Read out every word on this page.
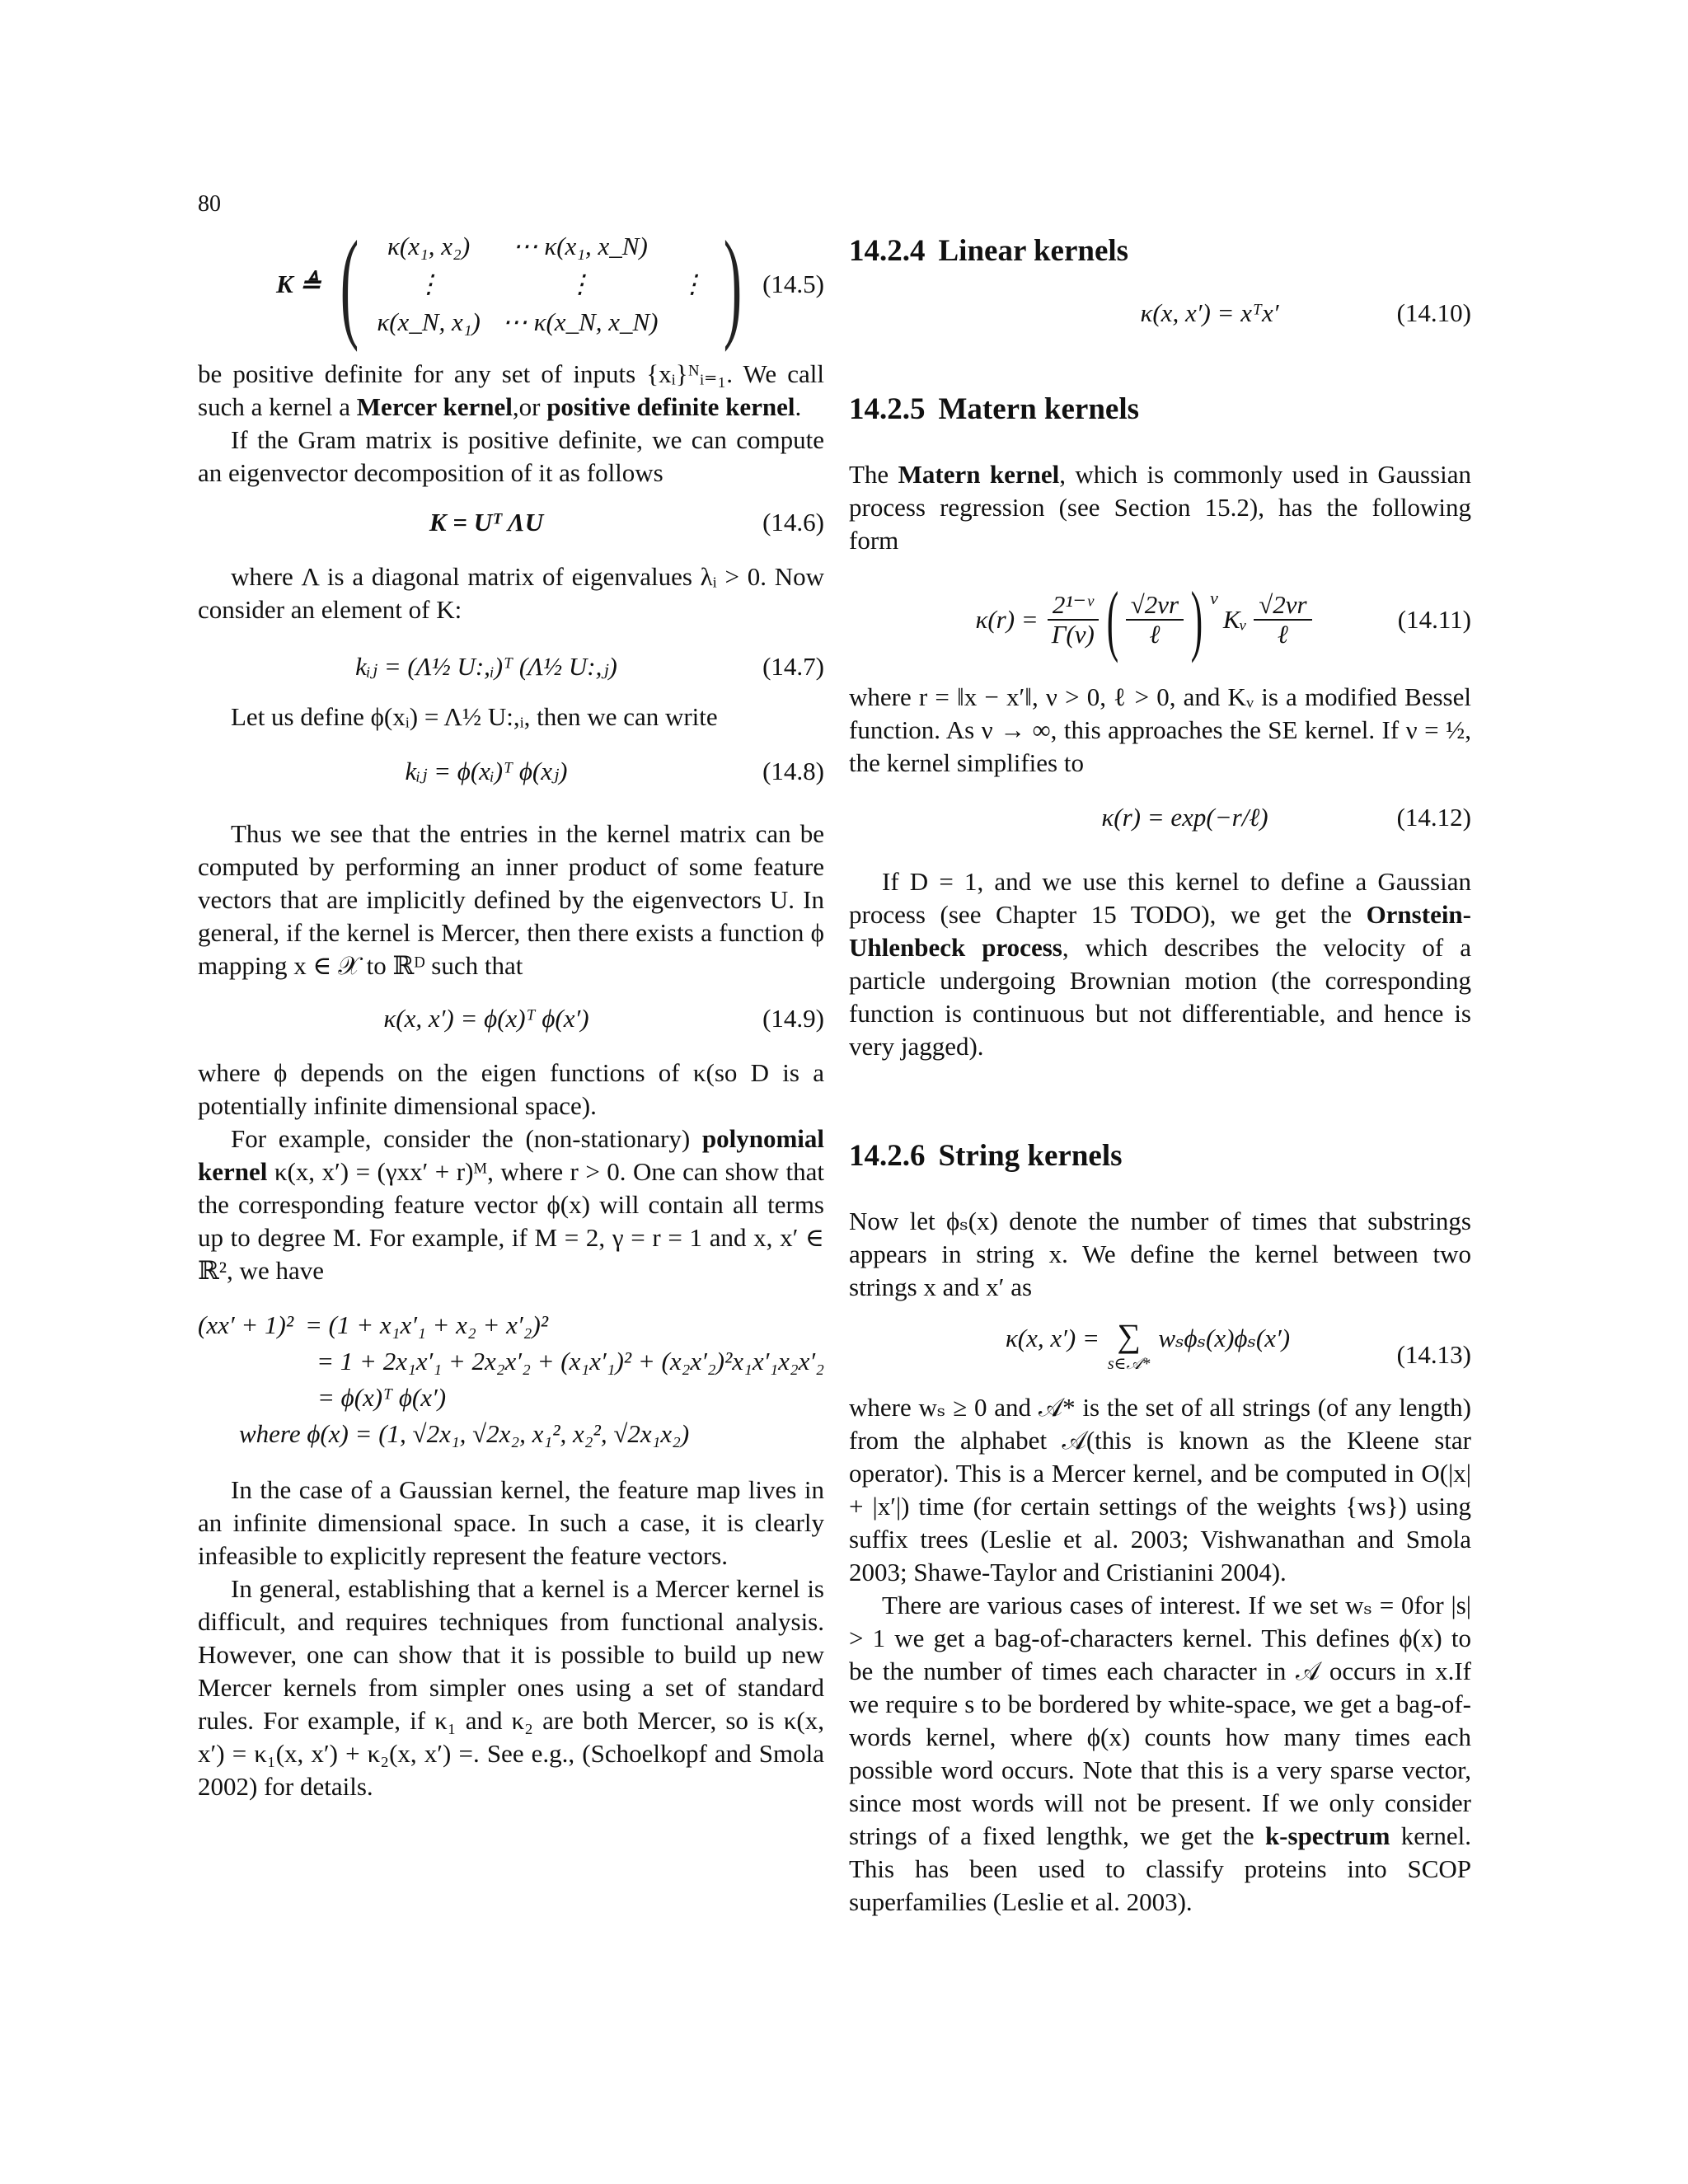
80
K ≜ (	κ(x₁, x₂)	⋯ κ(x₁, x_N)
⋮	⋮	⋮
κ(x_N, x₁) ⋯ κ(x_N, x_N) ) (14.5)

be positive definite for any set of inputs {xᵢ}ᴺᵢ₌₁. We call such a kernel a Mercer kernel,or positive definite kernel.

If the Gram matrix is positive definite, we can compute an eigenvector decomposition of it as follows

K = Uᵀ ΛU	(14.6)

where Λ is a diagonal matrix of eigenvalues λᵢ > 0. Now consider an element of K:

kᵢⱼ = (Λ½ U:,ᵢ)ᵀ (Λ½ U:,ⱼ)	(14.7)

Let us define ϕ(xᵢ) = Λ½ U:,ᵢ, then we can write

kᵢⱼ = ϕ(xᵢ)ᵀ ϕ(xⱼ)	(14.8)

Thus we see that the entries in the kernel matrix can be computed by performing an inner product of some feature vectors that are implicitly defined by the eigenvectors U. In general, if the kernel is Mercer, then there exists a function ϕ mapping x ∈ 𝒳 to ℝᴰ such that

κ(x, x′) = ϕ(x)ᵀ ϕ(x′)	(14.9)

where ϕ depends on the eigen functions of κ(so D is a potentially infinite dimensional space).

For example, consider the (non-stationary) polynomial kernel κ(x, x′) = (γxx′ + r)ᴹ, where r > 0. One can show that the corresponding feature vector ϕ(x) will contain all terms up to degree M. For example, if M = 2, γ = r = 1 and x, x′ ∈ ℝ², we have

(xx′ + 1)² = (1 + x₁x′₁ + x₂ + x′₂)²
= 1 + 2x₁x′₁ + 2x₂x′₂ + (x₁x′₁)² + (x₂x′₂)²x₁x′₁x₂x′₂
= ϕ(x)ᵀ ϕ(x′)
where ϕ(x) = (1, √2x₁, √2x₂, x₁², x₂², √2x₁x₂)

In the case of a Gaussian kernel, the feature map lives in an infinite dimensional space. In such a case, it is clearly infeasible to explicitly represent the feature vectors.

In general, establishing that a kernel is a Mercer kernel is difficult, and requires techniques from functional analysis. However, one can show that it is possible to build up new Mercer kernels from simpler ones using a set of standard rules. For example, if κ₁ and κ₂ are both Mercer, so is κ(x, x′) = κ₁(x, x′) + κ₂(x, x′) =. See e.g., (Schoelkopf and Smola 2002) for details.

14.2.4 Linear kernels
κ(x, x′) = xᵀx′	(14.10)
14.2.5 Matern kernels

The Matern kernel, which is commonly used in Gaussian process regression (see Section 15.2), has the following form

$\kappa(r) = \frac{\text{2¹⁻ᵛ}}{\Gamma(\nu)}$ ( $\frac{√2\nu r}{\text{ℓ}}$ ) ν
Kᵥ $\frac{√2\nu r}{\text{ℓ}}$	(14.11)

where r = ‖x − x′‖, ν > 0, ℓ > 0, and Kᵥ is a modified Bessel function. As ν → ∞, this approaches the SE kernel. If ν = ½, the kernel simplifies to

κ(r) = exp(−r/ℓ)	(14.12)

If D = 1, and we use this kernel to define a Gaussian process (see Chapter 15 TODO), we get the Ornstein-Uhlenbeck process, which describes the velocity of a particle undergoing Brownian motion (the corresponding function is continuous but not differentiable, and hence is very jagged).

14.2.6 String kernels

Now let ϕₛ(x) denote the number of times that substrings appears in string x. We define the kernel between two strings x and x′ as

κ(x, x′) = ∑
s∈𝒜*
wₛϕₛ(x)ϕₛ(x′)
(14.13)

where wₛ ≥ 0 and 𝒜* is the set of all strings (of any length) from the alphabet 𝒜(this is known as the Kleene star operator). This is a Mercer kernel, and be computed in O(|x| + |x′|) time (for certain settings of the weights {ws}) using suffix trees (Leslie et al. 2003; Vishwanathan and Smola 2003; Shawe-Taylor and Cristianini 2004).

There are various cases of interest. If we set wₛ = 0for |s| > 1 we get a bag-of-characters kernel. This defines ϕ(x) to be the number of times each character in 𝒜 occurs in x.If we require s to be bordered by white-space, we get a bag-of-words kernel, where ϕ(x) counts how many times each possible word occurs. Note that this is a very sparse vector, since most words will not be present. If we only consider strings of a fixed lengthk, we get the k-spectrum kernel. This has been used to classify proteins into SCOP superfamilies (Leslie et al. 2003).
